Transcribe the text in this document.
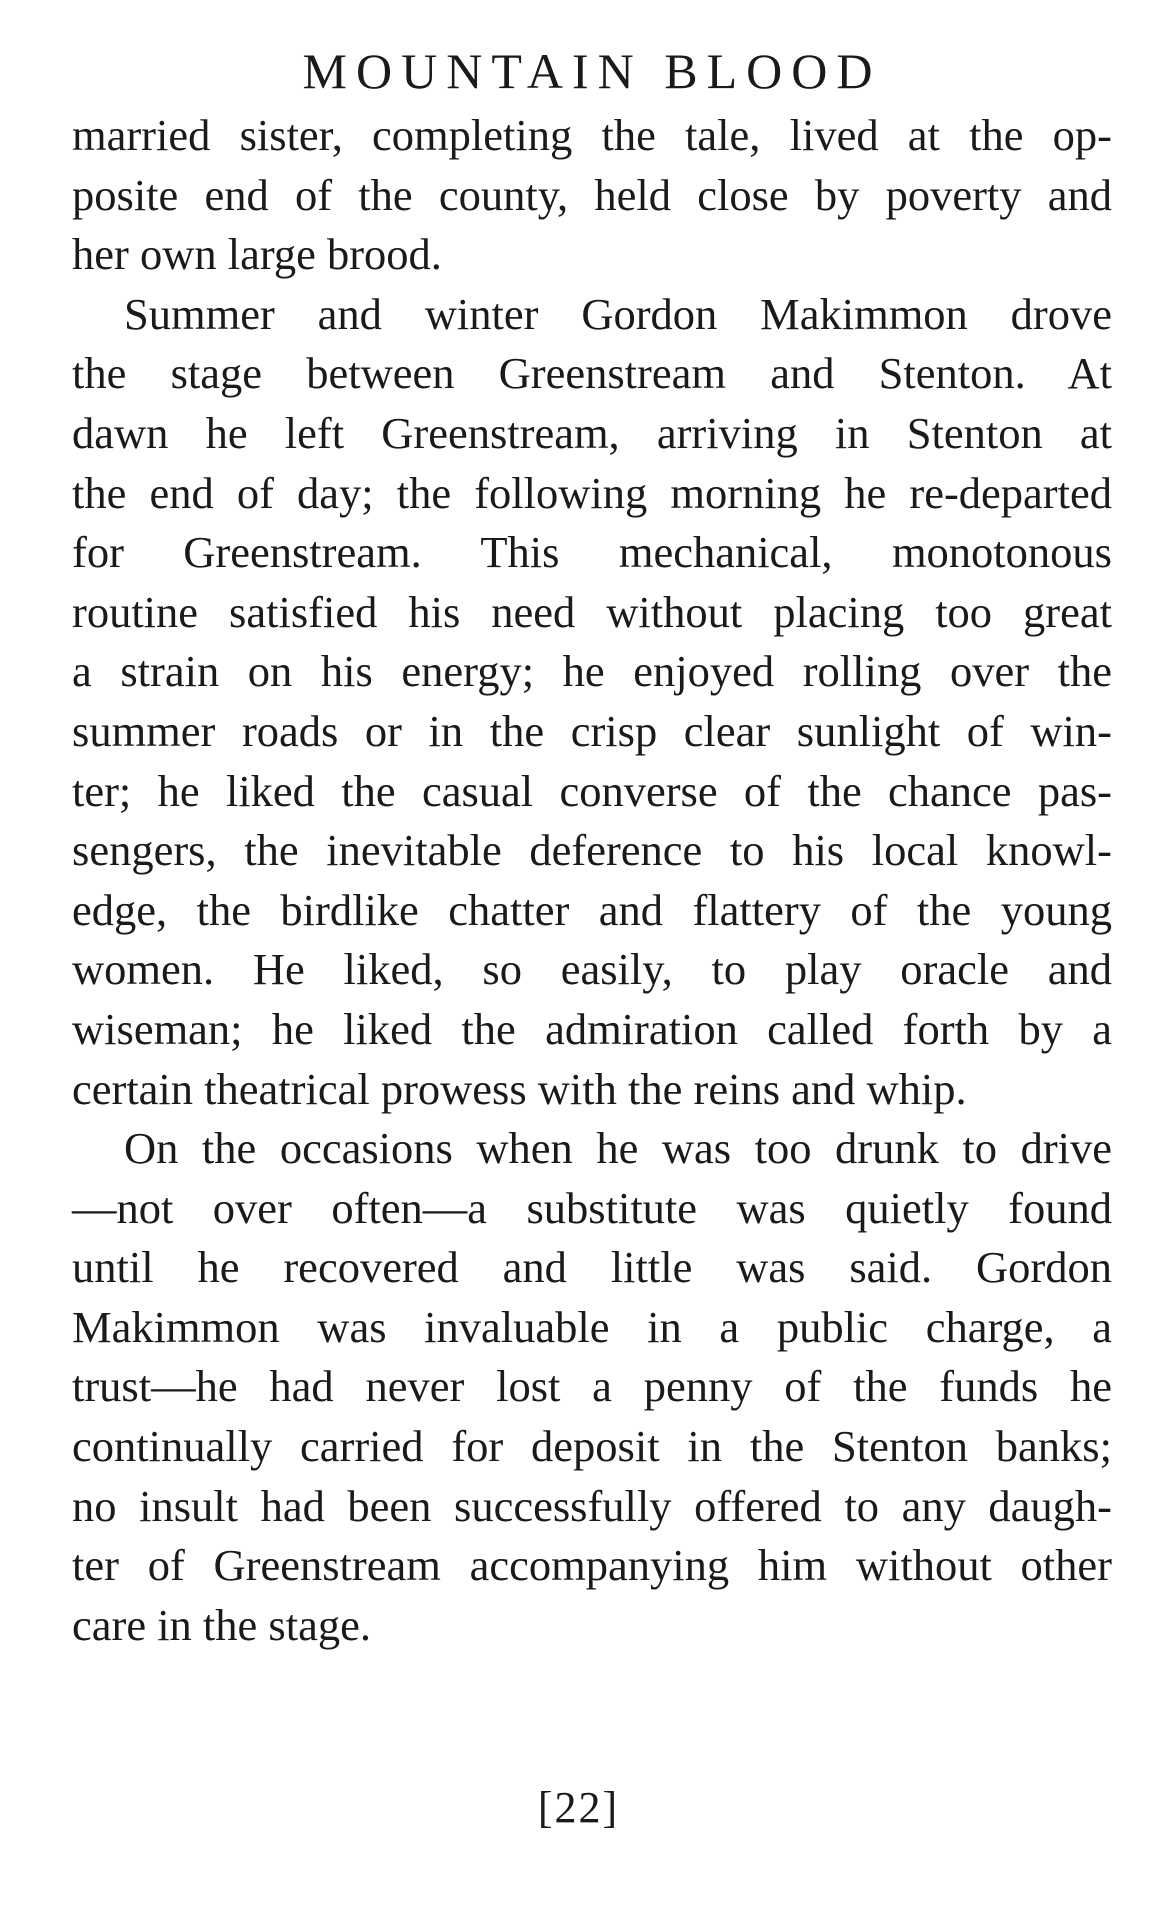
MOUNTAIN BLOOD
married sister, completing the tale, lived at the op-
posite end of the county, held close by poverty and
her own large brood.
Summer and winter Gordon Makimmon drove
the stage between Greenstream and Stenton. At
dawn he left Greenstream, arriving in Stenton at
the end of day; the following morning he re-departed
for Greenstream. This mechanical, monotonous
routine satisfied his need without placing too great
a strain on his energy; he enjoyed rolling over the
summer roads or in the crisp clear sunlight of win-
ter; he liked the casual converse of the chance pas-
sengers, the inevitable deference to his local knowl-
edge, the birdlike chatter and flattery of the young
women. He liked, so easily, to play oracle and
wiseman; he liked the admiration called forth by a
certain theatrical prowess with the reins and whip.
On the occasions when he was too drunk to drive
—not over often—a substitute was quietly found
until he recovered and little was said. Gordon
Makimmon was invaluable in a public charge, a
trust—he had never lost a penny of the funds he
continually carried for deposit in the Stenton banks;
no insult had been successfully offered to any daugh-
ter of Greenstream accompanying him without other
care in the stage.
[22]
